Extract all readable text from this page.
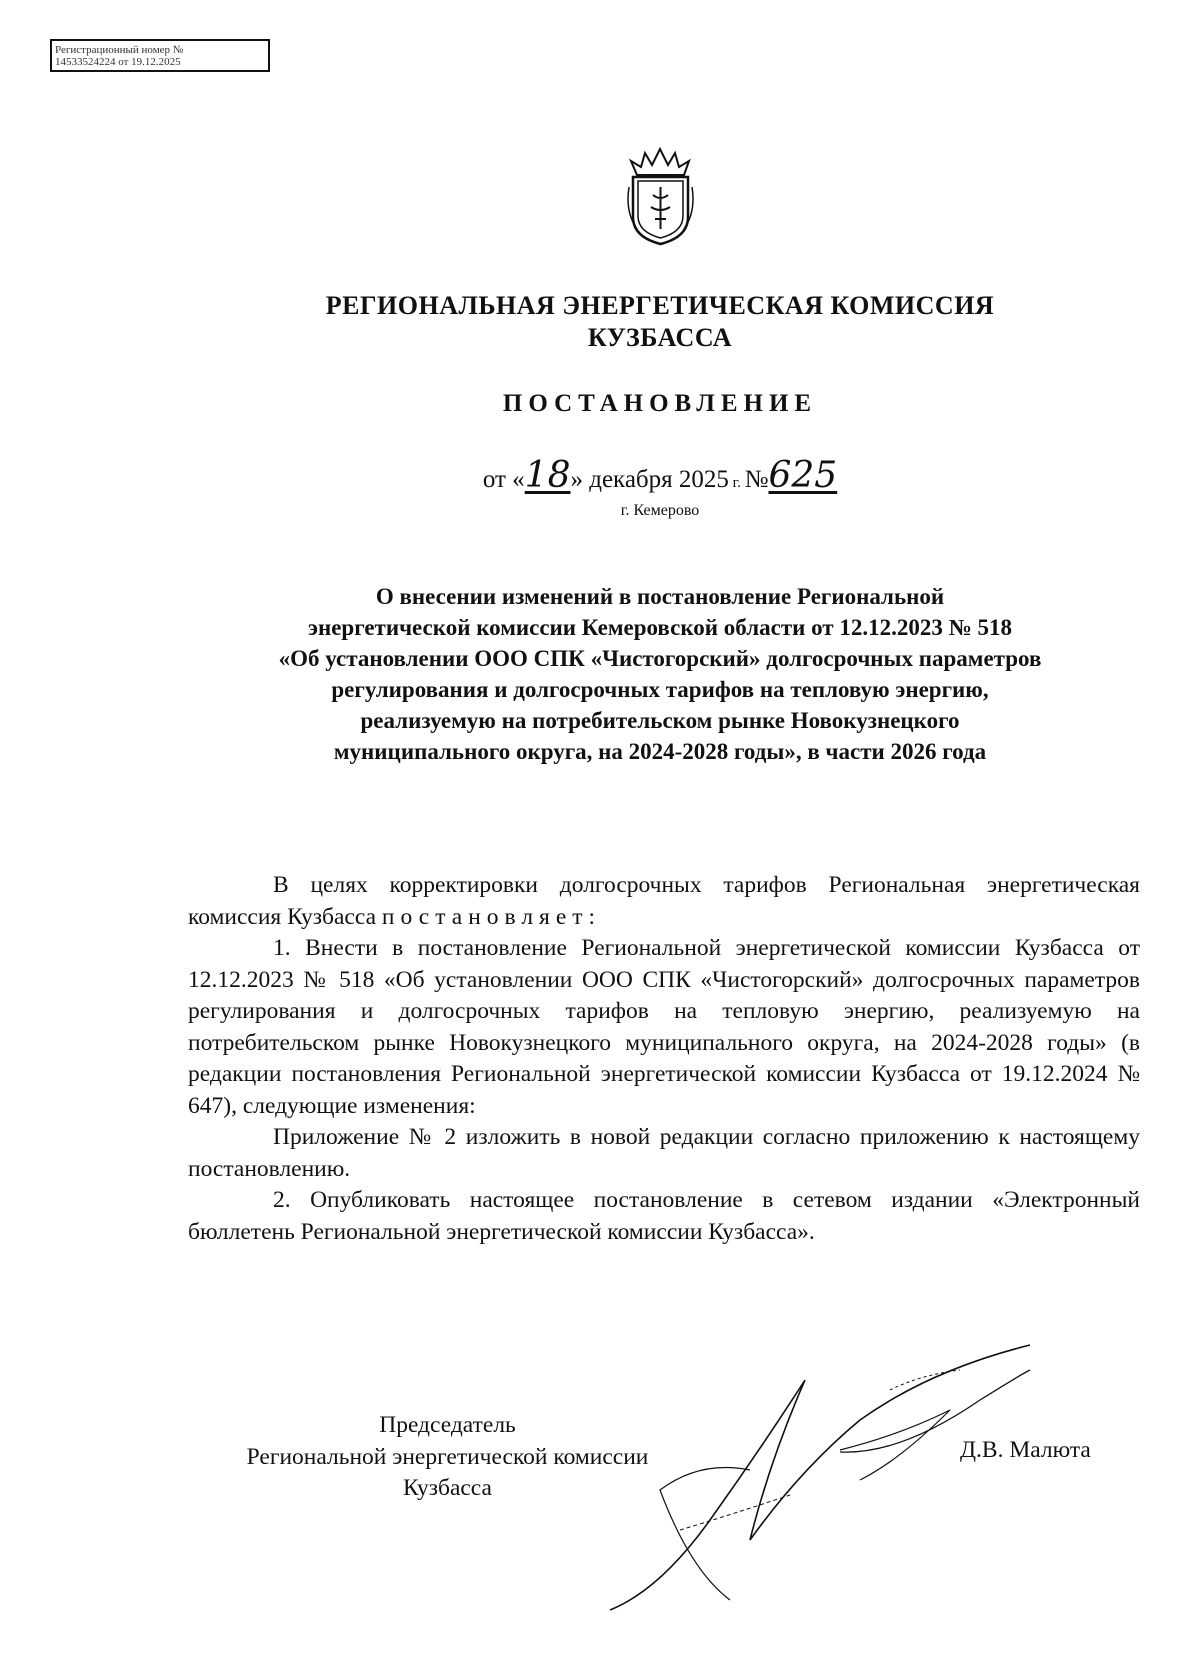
Регистрационный номер №
14533524224 от 19.12.2025
РЕГИОНАЛЬНАЯ ЭНЕРГЕТИЧЕСКАЯ КОМИССИЯ
КУЗБАССА
ПОСТАНОВЛЕНИЕ
от «18» декабря 2025 г. №625
г. Кемерово
О внесении изменений в постановление Региональной
энергетической комиссии Кемеровской области от 12.12.2023 № 518
«Об установлении ООО СПК «Чистогорский» долгосрочных параметров
регулирования и долгосрочных тарифов на тепловую энергию,
реализуемую на потребительском рынке Новокузнецкого
муниципального округа, на 2024-2028 годы», в части 2026 года

В целях корректировки долгосрочных тарифов Региональная энергетическая комиссия Кузбасса постановляет:

1. Внести в постановление Региональной энергетической комиссии Кузбасса от 12.12.2023 № 518 «Об установлении ООО СПК «Чистогорский» долгосрочных параметров регулирования и долгосрочных тарифов на тепловую энергию, реализуемую на потребительском рынке Новокузнецкого муниципального округа, на 2024-2028 годы» (в редакции постановления Региональной энергетической комиссии Кузбасса от 19.12.2024 № 647), следующие изменения:

Приложение № 2 изложить в новой редакции согласно приложению к настоящему постановлению.

2. Опубликовать настоящее постановление в сетевом издании «Электронный бюллетень Региональной энергетической комиссии Кузбасса».

Председатель
Региональной энергетической комиссии
Кузбасса
Д.В. Малюта
